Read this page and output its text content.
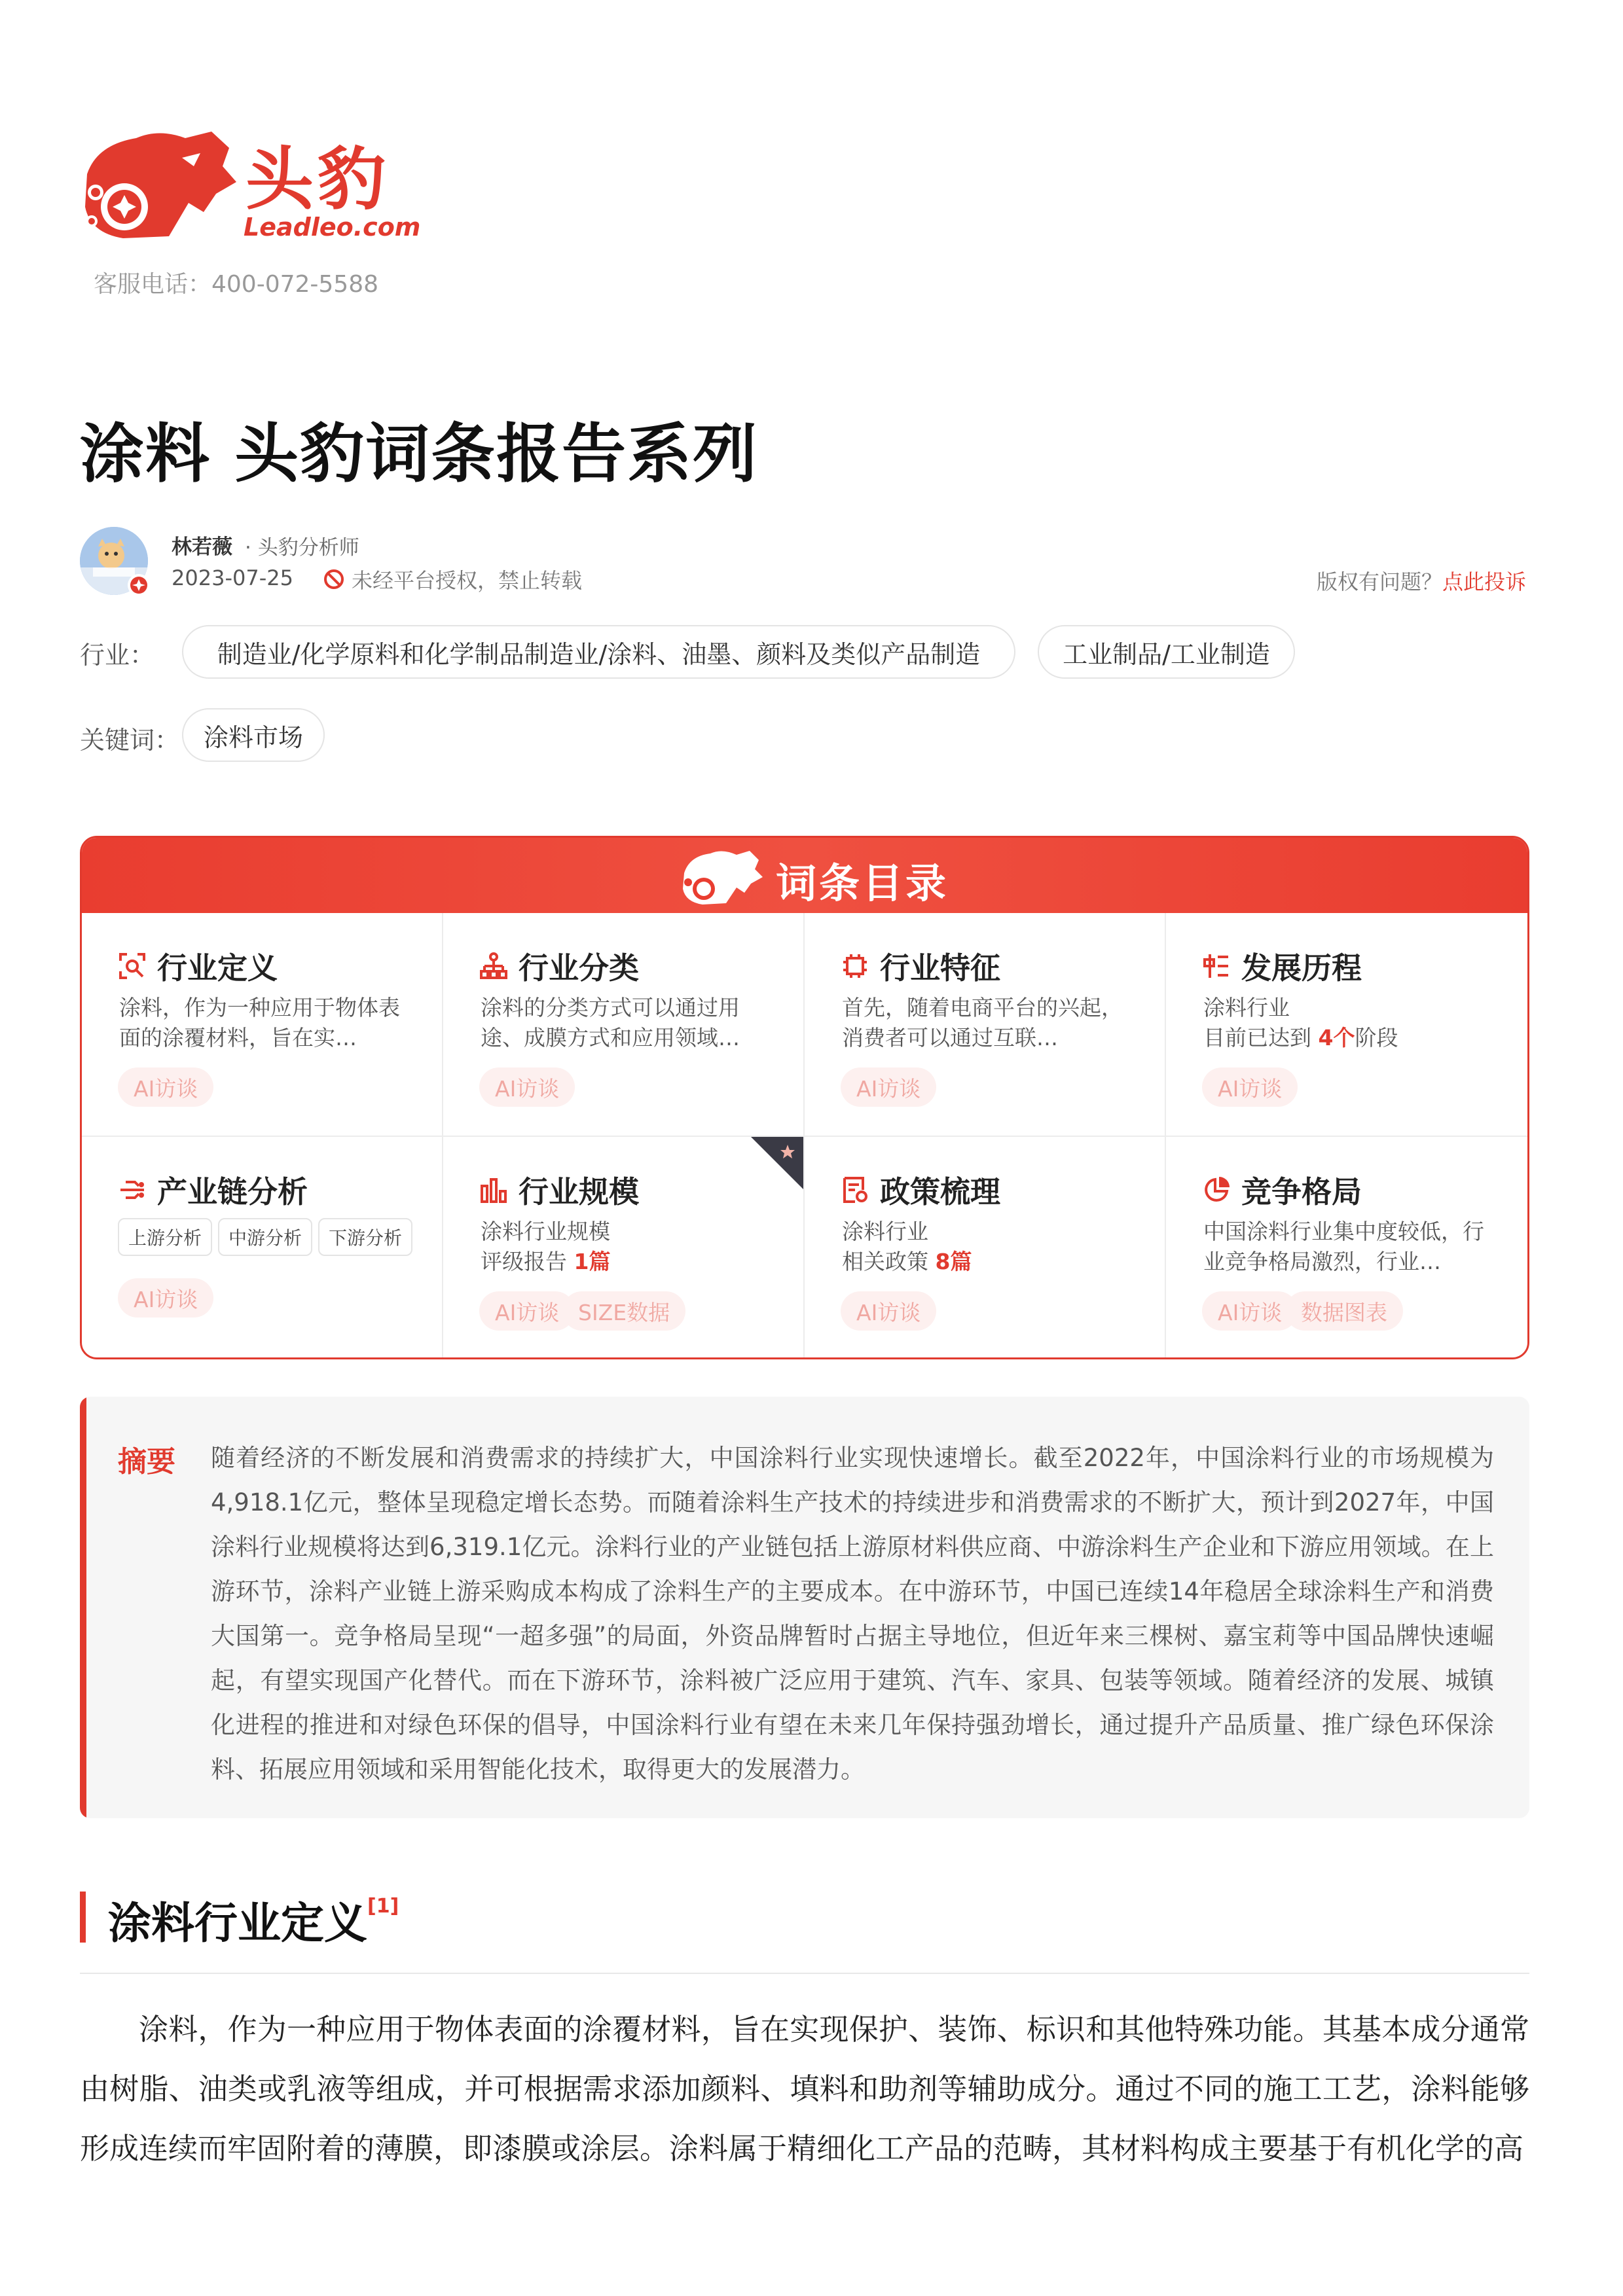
头豹
Leadleo.com
客服电话：400-072-5588
涂料 头豹词条报告系列
林若薇 · 头豹分析师
2023-07-25	未经平台授权，禁止转载	版权有问题？点此投诉
行业：	制造业/化学原料和化学制品制造业/涂料、油墨、颜料及类似产品制造	工业制品/工业制造
关键词： 涂料市场
词条目录
行业定义
涂料，作为一种应用于物体表面的涂覆材料，旨在实…
AI访谈
行业分类
涂料的分类方式可以通过用途、成膜方式和应用领域…
AI访谈
行业特征
首先，随着电商平台的兴起，消费者可以通过互联…
AI访谈
发展历程
涂料行业
目前已达到 4个阶段
AI访谈
产业链分析
上游分析	中游分析	下游分析
AI访谈
行业规模
涂料行业规模
评级报告 1篇
AI访谈 SIZE数据
政策梳理
涂料行业
相关政策 8篇
AI访谈
竞争格局
中国涂料行业集中度较低，行业竞争格局激烈，行业…
AI访谈 数据图表
摘要 随着经济的不断发展和消费需求的持续扩大，中国涂料行业实现快速增长。截至2022年，中国涂料行业的市场规模为4,918.1亿元，整体呈现稳定增长态势。而随着涂料生产技术的持续进步和消费需求的不断扩大，预计到2027年，中国涂料行业规模将达到6,319.1亿元。涂料行业的产业链包括上游原材料供应商、中游涂料生产企业和下游应用领域。在上游环节，涂料产业链上游采购成本构成了涂料生产的主要成本。在中游环节，中国已连续14年稳居全球涂料生产和消费大国第一。竞争格局呈现“一超多强”的局面，外资品牌暂时占据主导地位，但近年来三棵树、嘉宝莉等中国品牌快速崛起，有望实现国产化替代。而在下游环节，涂料被广泛应用于建筑、汽车、家具、包装等领域。随着经济的发展、城镇化进程的推进和对绿色环保的倡导，中国涂料行业有望在未来几年保持强劲增长，通过提升产品质量、推广绿色环保涂料、拓展应用领域和采用智能化技术，取得更大的发展潜力。
涂料行业定义[1]

涂料，作为一种应用于物体表面的涂覆材料，旨在实现保护、装饰、标识和其他特殊功能。其基本成分通常由树脂、油类或乳液等组成，并可根据需求添加颜料、填料和助剂等辅助成分。通过不同的施工工艺，涂料能够形成连续而牢固附着的薄膜，即漆膜或涂层。涂料属于精细化工产品的范畴，其材料构成主要基于有机化学的高
